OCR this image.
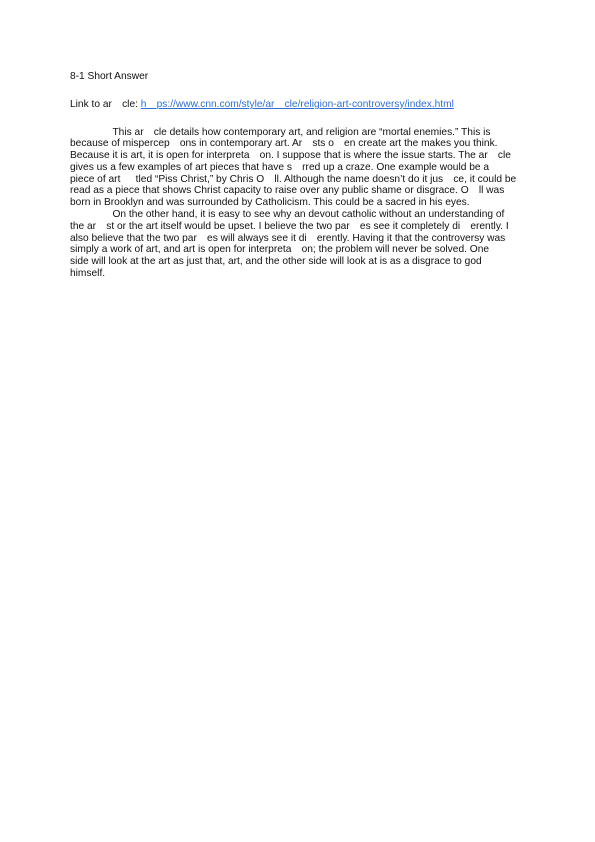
8-1 Short Answer
Link to ar  cle: h  ps://www.cnn.com/style/ar  cle/religion-art-controversy/index.html
This ar  cle details how contemporary art, and religion are “mortal enemies.” This is
because of mispercep  ons in contemporary art. Ar  sts o  en create art the makes you think.
Because it is art, it is open for interpreta  on. I suppose that is where the issue starts. The ar  cle
gives us a few examples of art pieces that have s  rred up a craze. One example would be a
piece of art   tled “Piss Christ,” by Chris O  ll. Although the name doesn’t do it jus  ce, it could be
read as a piece that shows Christ capacity to raise over any public shame or disgrace. O  ll was
born in Brooklyn and was surrounded by Catholicism. This could be a sacred in his eyes.
On the other hand, it is easy to see why an devout catholic without an understanding of
the ar  st or the art itself would be upset. I believe the two par  es see it completely di  erently. I
also believe that the two par  es will always see it di  erently. Having it that the controversy was
simply a work of art, and art is open for interpreta  on; the problem will never be solved. One
side will look at the art as just that, art, and the other side will look at is as a disgrace to god
himself.
